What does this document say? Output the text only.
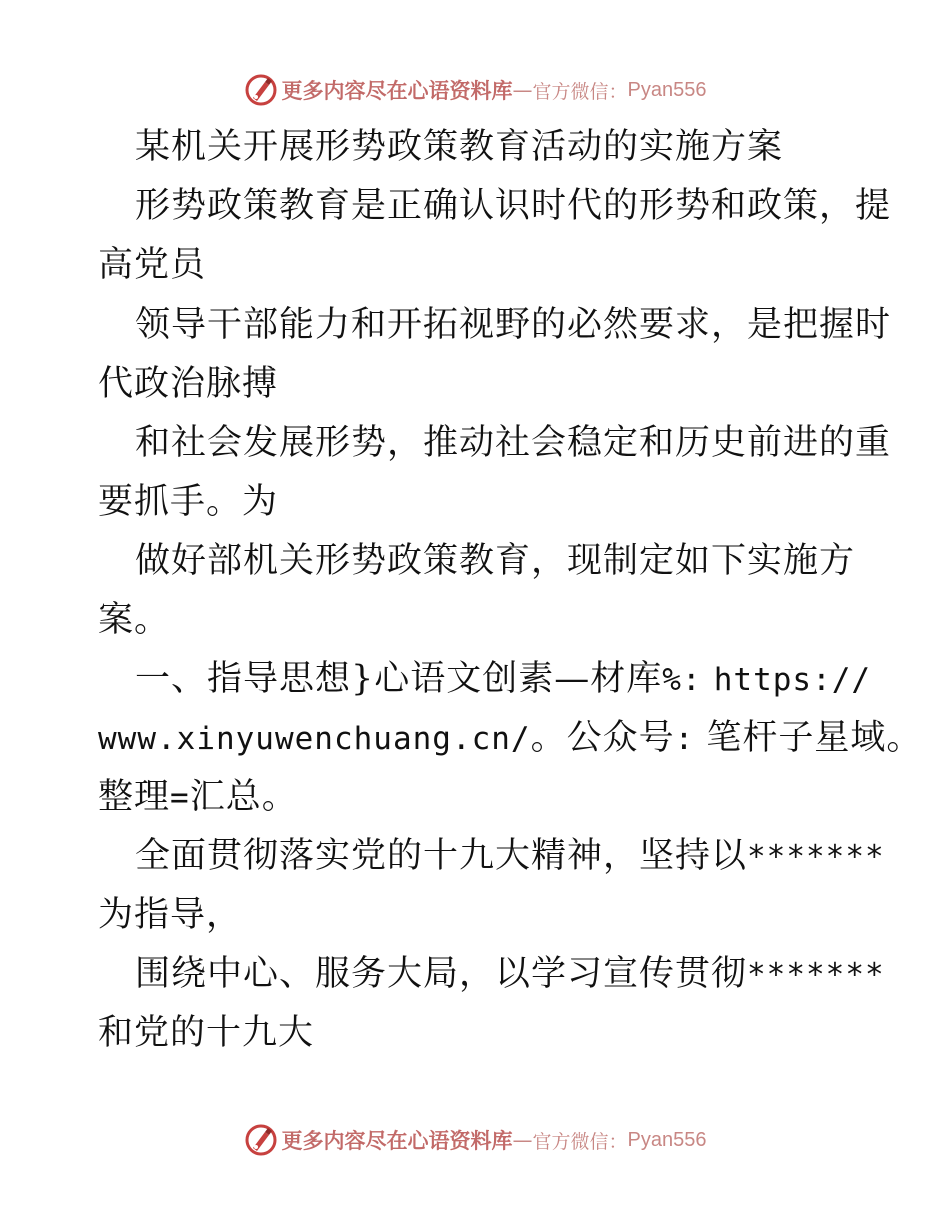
更多内容尽在心语资料库 — 官方微信： Pyan556
某机关开展形势政策教育活动的实施方案
形势政策教育是正确认识时代的形势和政策，提
高党员
领导干部能力和开拓视野的必然要求，是把握时
代政治脉搏
和社会发展形势，推动社会稳定和历史前进的重
要抓手。为
做好部机关形势政策教育，现制定如下实施方
案。
一、指导思想}心语文创素—材库%: https://
www.xinyuwenchuang.cn/。公众号: 笔杆子星域。
整理=汇总。
全面贯彻落实党的十九大精神，坚持以*******
为指导，
围绕中心、服务大局，以学习宣传贯彻*******
和党的十九大
更多内容尽在心语资料库 — 官方微信： Pyan556
